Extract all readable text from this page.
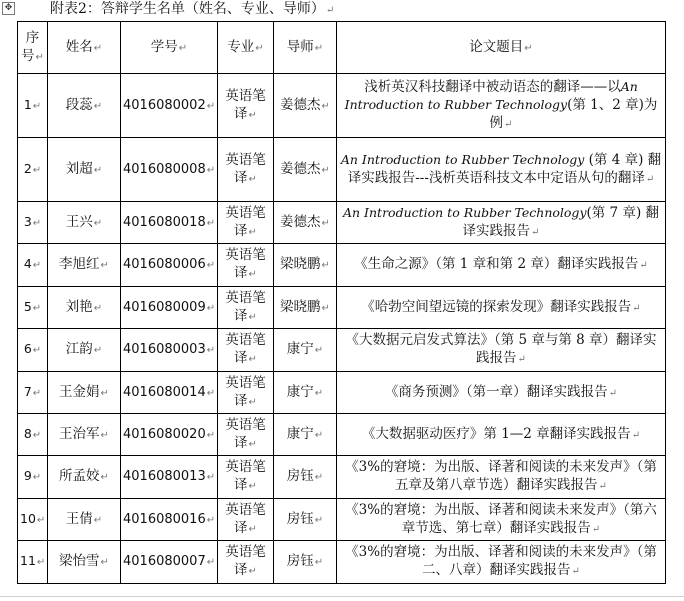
✥	附表2：答辩学生名单（姓名、专业、导师）↵
序号↵	姓名↵	学号↵	专业↵	导师↵	论文题目↵
1↵	段蕊↵	4016080002↵	英语笔译↵	姜德杰↵	浅析英汉科技翻译中被动语态的翻译——以An Introduction to Rubber Technology(第 1、2 章)为例↵
2↵	刘超↵	4016080008↵	英语笔译↵	姜德杰↵	An Introduction to Rubber Technology (第 4 章) 翻译实践报告---浅析英语科技文本中定语从句的翻译↵
3↵	王兴↵	4016080018↵	英语笔译↵	姜德杰↵	An Introduction to Rubber Technology(第 7 章) 翻译实践报告↵
4↵	李旭红↵	4016080006↵	英语笔译↵	梁晓鹏↵	《生命之源》（第 1 章和第 2 章）翻译实践报告↵
5↵	刘艳↵	4016080009↵	英语笔译↵	梁晓鹏↵	《哈勃空间望远镜的探索发现》翻译实践报告↵
6↵	江韵↵	4016080003↵	英语笔译↵	康宁↵	《大数据元启发式算法》（第 5 章与第 8 章）翻译实践报告↵
7↵	王金娟↵	4016080014↵	英语笔译↵	康宁↵	《商务预测》（第一章）翻译实践报告↵
8↵	王治军↵	4016080020↵	英语笔译↵	康宁↵	《大数据驱动医疗》第 1—2 章翻译实践报告↵
9↵	所孟姣↵	4016080013↵	英语笔译↵	房钰↵	《3%的窘境：为出版、译著和阅读的未来发声》（第五章及第八章节选）翻译实践报告↵
10↵	王倩↵	4016080016↵	英语笔译↵	房钰↵	《3%的窘境：为出版、译著和阅读未来发声》（第六章节选、第七章）翻译实践报告↵
11↵	梁怡雪↵	4016080007↵	英语笔译↵	房钰↵	《3%的窘境：为出版、译著和阅读的未来发声》（第二、八章）翻译实践报告↵
